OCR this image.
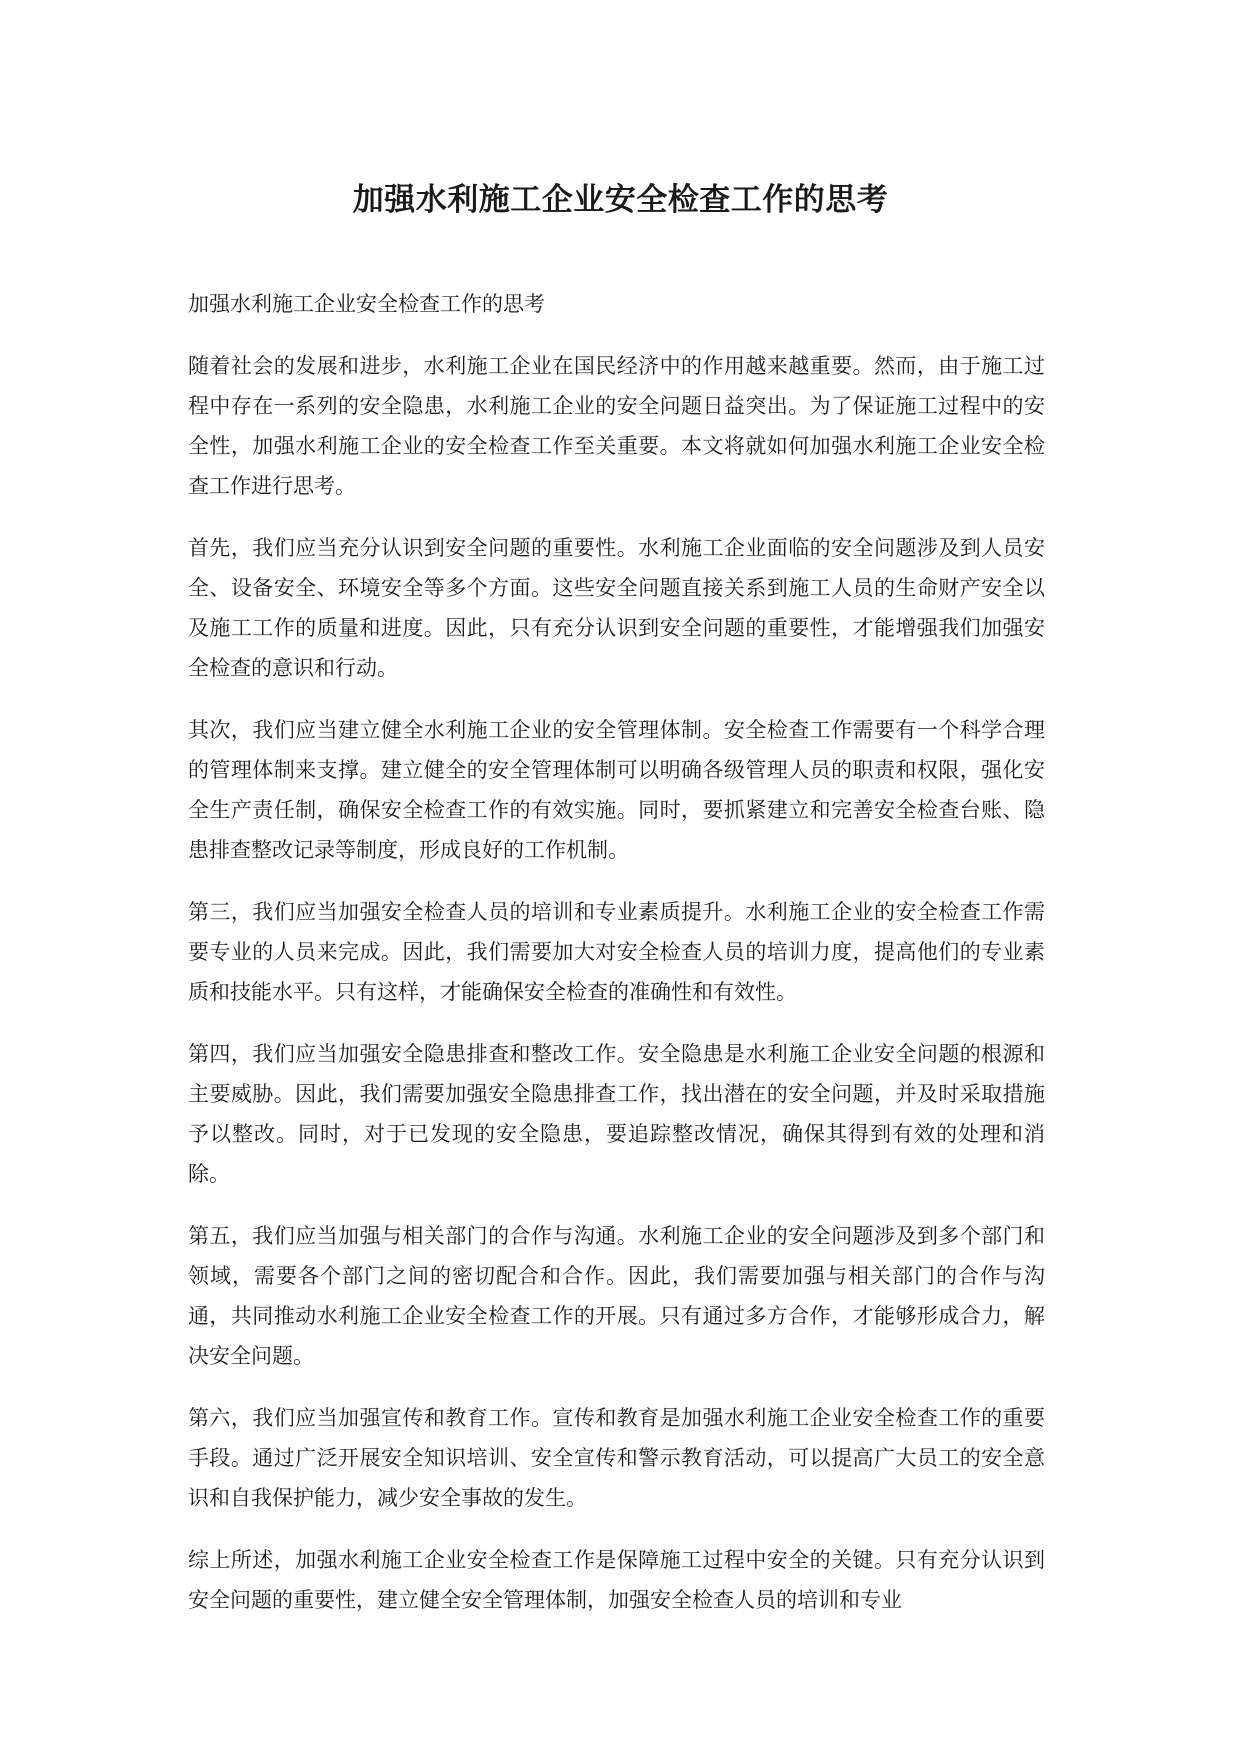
加强水利施工企业安全检查工作的思考

加强水利施工企业安全检查工作的思考

随着社会的发展和进步，水利施工企业在国民经济中的作用越来越重要。然而，由于施工过程中存在一系列的安全隐患，水利施工企业的安全问题日益突出。为了保证施工过程中的安全性，加强水利施工企业的安全检查工作至关重要。本文将就如何加强水利施工企业安全检查工作进行思考。

首先，我们应当充分认识到安全问题的重要性。水利施工企业面临的安全问题涉及到人员安全、设备安全、环境安全等多个方面。这些安全问题直接关系到施工人员的生命财产安全以及施工工作的质量和进度。因此，只有充分认识到安全问题的重要性，才能增强我们加强安全检查的意识和行动。

其次，我们应当建立健全水利施工企业的安全管理体制。安全检查工作需要有一个科学合理的管理体制来支撑。建立健全的安全管理体制可以明确各级管理人员的职责和权限，强化安全生产责任制，确保安全检查工作的有效实施。同时，要抓紧建立和完善安全检查台账、隐患排查整改记录等制度，形成良好的工作机制。

第三，我们应当加强安全检查人员的培训和专业素质提升。水利施工企业的安全检查工作需要专业的人员来完成。因此，我们需要加大对安全检查人员的培训力度，提高他们的专业素质和技能水平。只有这样，才能确保安全检查的准确性和有效性。

第四，我们应当加强安全隐患排查和整改工作。安全隐患是水利施工企业安全问题的根源和主要威胁。因此，我们需要加强安全隐患排查工作，找出潜在的安全问题，并及时采取措施予以整改。同时，对于已发现的安全隐患，要追踪整改情况，确保其得到有效的处理和消除。

第五，我们应当加强与相关部门的合作与沟通。水利施工企业的安全问题涉及到多个部门和领域，需要各个部门之间的密切配合和合作。因此，我们需要加强与相关部门的合作与沟通，共同推动水利施工企业安全检查工作的开展。只有通过多方合作，才能够形成合力，解决安全问题。

第六，我们应当加强宣传和教育工作。宣传和教育是加强水利施工企业安全检查工作的重要手段。通过广泛开展安全知识培训、安全宣传和警示教育活动，可以提高广大员工的安全意识和自我保护能力，减少安全事故的发生。

综上所述，加强水利施工企业安全检查工作是保障施工过程中安全的关键。只有充分认识到安全问题的重要性，建立健全安全管理体制，加强安全检查人员的培训和专业
